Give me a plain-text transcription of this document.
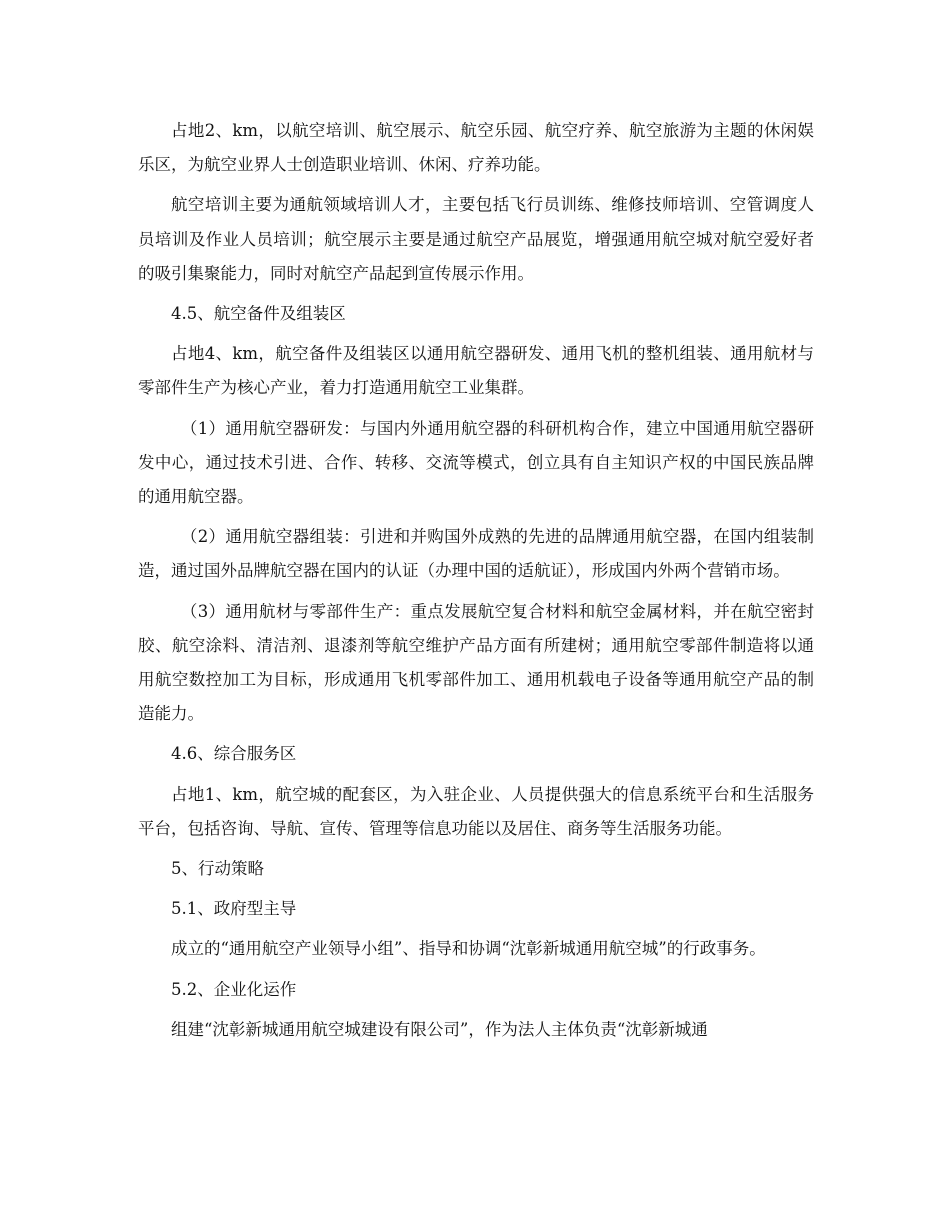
占地2、km，以航空培训、航空展示、航空乐园、航空疗养、航空旅游为主题的休闲娱乐区，为航空业界人士创造职业培训、休闲、疗养功能。

航空培训主要为通航领域培训人才，主要包括飞行员训练、维修技师培训、空管调度人员培训及作业人员培训；航空展示主要是通过航空产品展览，增强通用航空城对航空爱好者的吸引集聚能力，同时对航空产品起到宣传展示作用。

4.5、航空备件及组装区

占地4、km，航空备件及组装区以通用航空器研发、通用飞机的整机组装、通用航材与零部件生产为核心产业，着力打造通用航空工业集群。

（1）通用航空器研发：与国内外通用航空器的科研机构合作，建立中国通用航空器研发中心，通过技术引进、合作、转移、交流等模式，创立具有自主知识产权的中国民族品牌的通用航空器。

（2）通用航空器组装：引进和并购国外成熟的先进的品牌通用航空器，在国内组装制造，通过国外品牌航空器在国内的认证（办理中国的适航证），形成国内外两个营销市场。

（3）通用航材与零部件生产：重点发展航空复合材料和航空金属材料，并在航空密封胶、航空涂料、清洁剂、退漆剂等航空维护产品方面有所建树；通用航空零部件制造将以通用航空数控加工为目标，形成通用飞机零部件加工、通用机载电子设备等通用航空产品的制造能力。

4.6、综合服务区

占地1、km，航空城的配套区，为入驻企业、人员提供强大的信息系统平台和生活服务平台，包括咨询、导航、宣传、管理等信息功能以及居住、商务等生活服务功能。

5、行动策略

5.1、政府型主导

成立的“通用航空产业领导小组”、指导和协调“沈彰新城通用航空城”的行政事务。

5.2、企业化运作

组建“沈彰新城通用航空城建设有限公司”，作为法人主体负责“沈彰新城通
